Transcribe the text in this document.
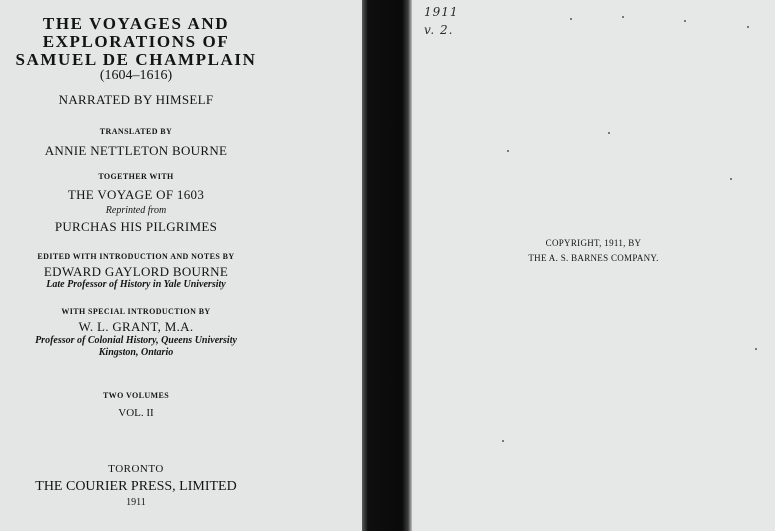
THE VOYAGES AND
EXPLORATIONS OF
SAMUEL DE CHAMPLAIN
(1604–1616)
NARRATED BY HIMSELF
TRANSLATED BY
ANNIE NETTLETON BOURNE
TOGETHER WITH
THE VOYAGE OF 1603
Reprinted from
PURCHAS HIS PILGRIMES
EDITED WITH INTRODUCTION AND NOTES BY
EDWARD GAYLORD BOURNE
Late Professor of History in Yale University
WITH SPECIAL INTRODUCTION BY
W. L. GRANT, M.A.
Professor of Colonial History, Queens University
Kingston, Ontario
TWO VOLUMES
VOL. II
TORONTO
THE COURIER PRESS, LIMITED
1911
1911
v. 2.
COPYRIGHT, 1911, BY
THE A. S. BARNES COMPANY.
